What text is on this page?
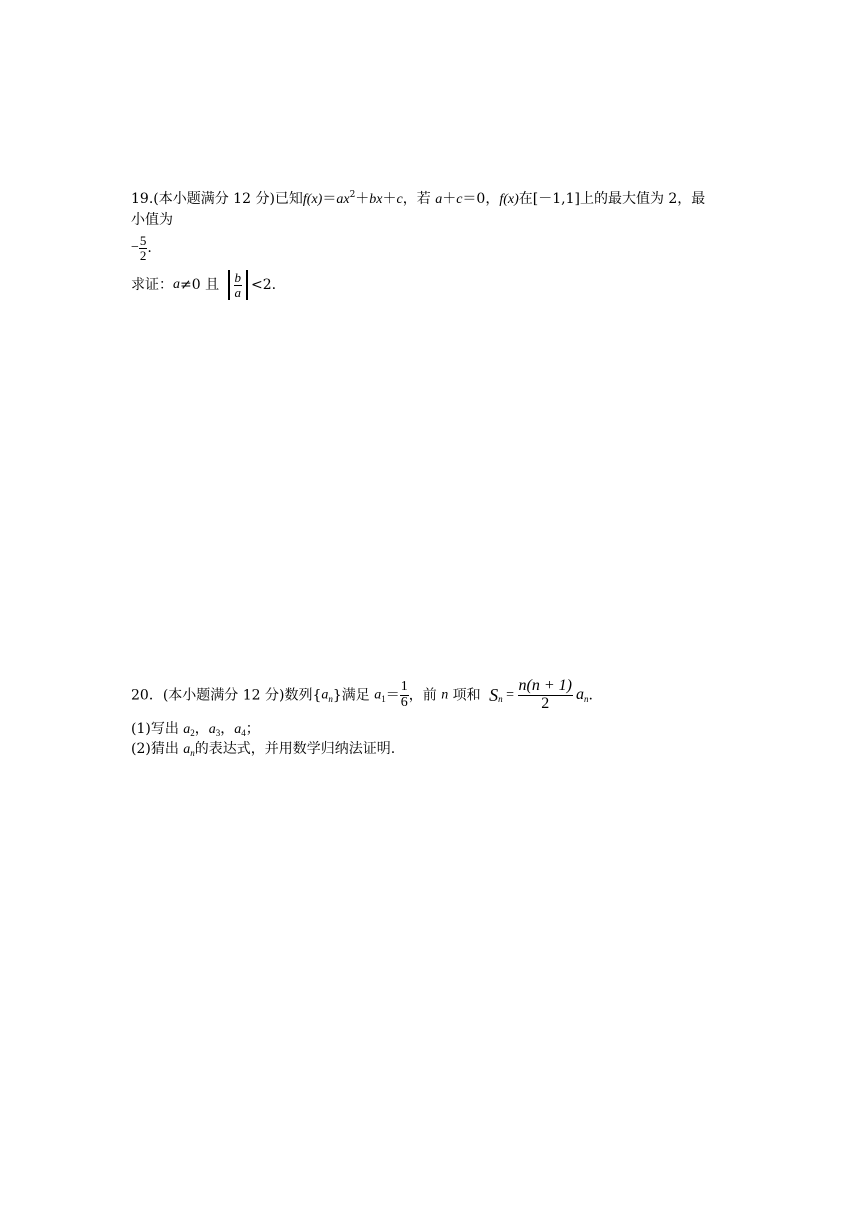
19.(本小题满分 12 分)已知$f(x)=ax^2+bx+c$，若 a＋c＝0，f(x)在[－1,1]上的最大值为 2，最
小值为
− $\frac{5}{2}$ .
求证：a≠0 且 $\frac{b}{a} <2$.
20．(本小题满分 12 分)数列$\{a_n\}$满足 $a_1= \frac{1}{6}$ ，前 n 项和 $S_n = \frac{n(n + 1)}{2} a_n$.
(1)写出 $a_2$，$a_3$，$a_4$；
(2)猜出 $a_n$的表达式，并用数学归纳法证明.
